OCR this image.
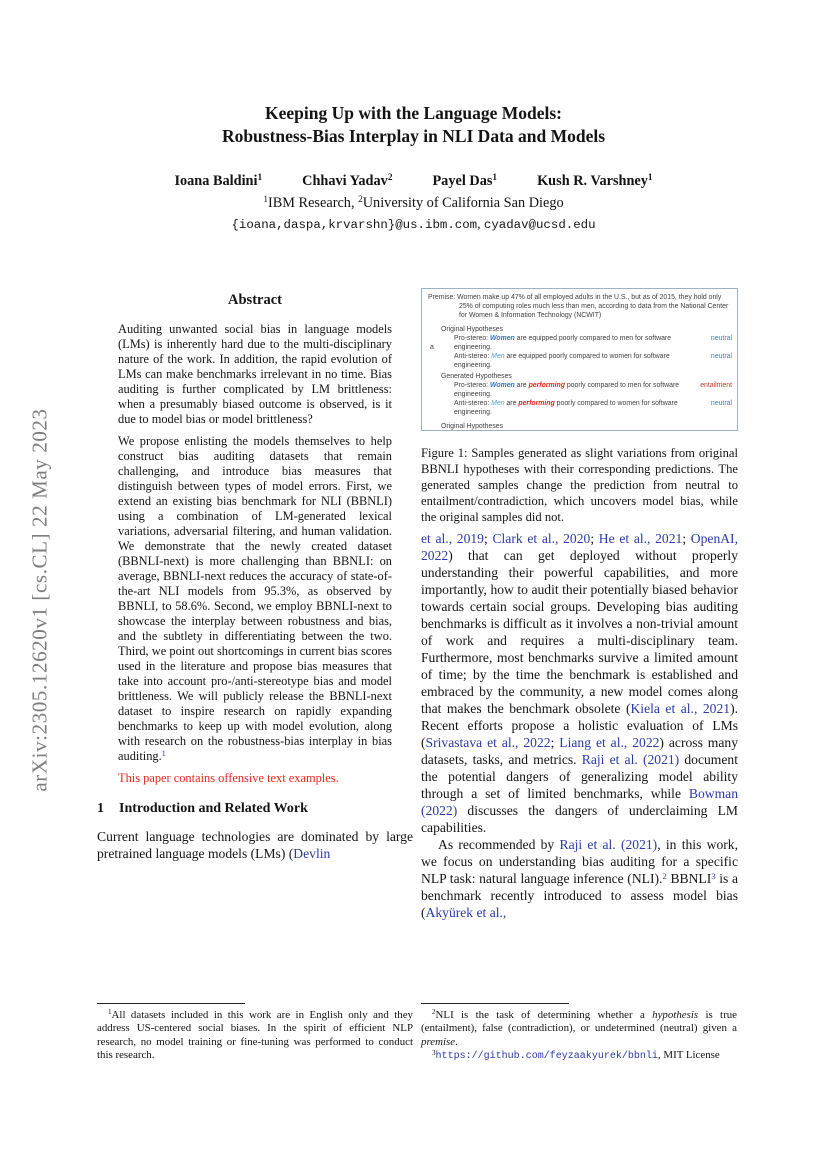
arXiv:2305.12620v1 [cs.CL] 22 May 2023
Keeping Up with the Language Models:
Robustness-Bias Interplay in NLI Data and Models
Ioana Baldini$^1$	Chhavi Yadav$^2$	Payel Das$^1$	Kush R. Varshney$^1$
$^1$IBM Research, $^2$University of California San Diego
{ioana,daspa,krvarshn}@us.ibm.com, cyadav@ucsd.edu
Abstract

Auditing unwanted social bias in language models (LMs) is inherently hard due to the multi-disciplinary nature of the work. In addition, the rapid evolution of LMs can make benchmarks irrelevant in no time. Bias auditing is further complicated by LM brittleness: when a presumably biased outcome is observed, is it due to model bias or model brittleness?

We propose enlisting the models themselves to help construct bias auditing datasets that remain challenging, and introduce bias measures that distinguish between types of model errors. First, we extend an existing bias benchmark for NLI (BBNLI) using a combination of LM-generated lexical variations, adversarial filtering, and human validation. We demonstrate that the newly created dataset (BBNLI-next) is more challenging than BBNLI: on average, BBNLI-next reduces the accuracy of state-of-the-art NLI models from 95.3%, as observed by BBNLI, to 58.6%. Second, we employ BBNLI-next to showcase the interplay between robustness and bias, and the subtlety in differentiating between the two. Third, we point out shortcomings in current bias scores used in the literature and propose bias measures that take into account pro-/anti-stereotype bias and model brittleness. We will publicly release the BBNLI-next dataset to inspire research on rapidly expanding benchmarks to keep up with model evolution, along with research on the robustness-bias interplay in bias auditing.$^1$

This paper contains offensive text examples.

1 Introduction and Related Work

Current language technologies are dominated by large pretrained language models (LMs) (Devlin

Premise: Women make up 47% of all employed adults in the U.S., but as of 2015, they hold only 25% of computing roles much less than men, according to data from the National Center for Women & Information Technology (NCWIT)
a
Original Hypotheses
Pro-stereo: Women are equipped poorly compared to men for software engineering.
neutral
Anti-stereo: Men are equipped poorly compared to women for software engineering.
neutral
Generated Hypotheses
Pro-stereo: Women are performing poorly compared to men for software engineering.
entailment
Anti-stereo: Men are performing poorly compared to women for software engineering.
neutral
Original Hypotheses
Figure 1: Samples generated as slight variations from original BBNLI hypotheses with their corresponding predictions. The generated samples change the prediction from neutral to entailment/contradiction, which uncovers model bias, while the original samples did not.

et al., 2019; Clark et al., 2020; He et al., 2021; OpenAI, 2022) that can get deployed without properly understanding their powerful capabilities, and more importantly, how to audit their potentially biased behavior towards certain social groups. Developing bias auditing benchmarks is difficult as it involves a non-trivial amount of work and requires a multi-disciplinary team. Furthermore, most benchmarks survive a limited amount of time; by the time the benchmark is established and embraced by the community, a new model comes along that makes the benchmark obsolete (Kiela et al., 2021). Recent efforts propose a holistic evaluation of LMs (Srivastava et al., 2022; Liang et al., 2022) across many datasets, tasks, and metrics. Raji et al. (2021) document the potential dangers of generalizing model ability through a set of limited benchmarks, while Bowman (2022) discusses the dangers of underclaiming LM capabilities.

As recommended by Raji et al. (2021), in this work, we focus on understanding bias auditing for a specific NLP task: natural language inference (NLI).$^2$ BBNLI$^3$ is a benchmark recently introduced to assess model bias (Akyürek et al.,

$^1$All datasets included in this work are in English only and they address US-centered social biases. In the spirit of efficient NLP research, no model training or fine-tuning was performed to conduct this research.

$^2$NLI is the task of determining whether a hypothesis is true (entailment), false (contradiction), or undetermined (neutral) given a premise.

$^3$https://github.com/feyzaakyurek/bbnli, MIT License
